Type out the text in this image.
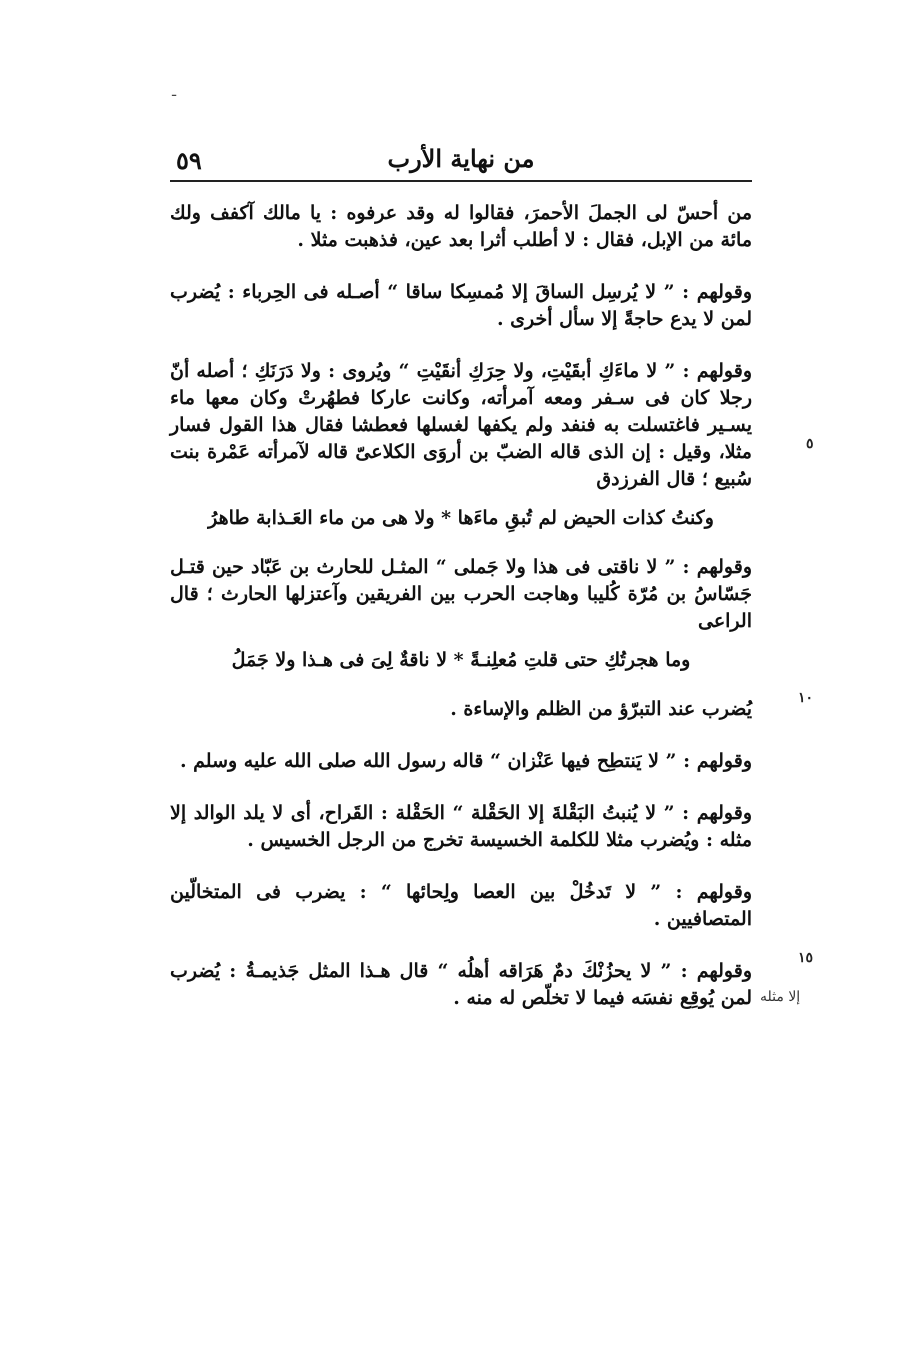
٥٩	من نهاية الأرب
ـ
٥
١٠
١٥
إلا مثله

من أحسّ لى الجملَ الأحمرَ، فقالوا له وقد عرفوه : يا مالك آكفف ولك مائة من الإبل، فقال : لا أطلب أثرا بعد عين، فذهبت مثلا .

وقولهم : ” لا يُرسِل الساقَ إلا مُمسِكا ساقا “ أصـله فى الحِرباء : يُضرب لمن لا يدع حاجةً إلا سأل أخرى .

وقولهم : ” لا ماءَكِ أبقَيْتِ، ولا حِرَكِ أنقَيْتِ “ ويُروى : ولا دَرَنَكِ ؛ أصله أنّ رجلا كان فى سـفر ومعه آمرأته، وكانت عاركا فطهُرتْ وكان معها ماء يسـير فاغتسلت به فنفد ولم يكفها لغسلها فعطشا فقال هذا القول فسار مثلا، وقيل : إن الذى قاله الضبّ بن أروَى الكلاعىّ قاله لآمرأته عَمْرة بنت سُبيع ؛ قال الفرزدق

وكنتُ كذات الحيض لم تُبقِ ماءَها * ولا هى من ماء العَـذابة طاهرُ

وقولهم : ” لا ناقتى فى هذا ولا جَملى “ المثـل للحارث بن عَبّاد حين قتـل جَسّاسُ بن مُرّة كُليبا وهاجت الحرب بين الفريقين وآعتزلها الحارث ؛ قال الراعى

وما هجرتُكِ حتى قلتِ مُعلِنـةً * لا ناقةٌ لِىَ فى هـذا ولا جَمَلُ

يُضرب عند التبرّؤ من الظلم والإساءة .

وقولهم : ” لا يَنتطِح فيها عَنْزان “ قاله رسول الله صلى الله عليه وسلم .

وقولهم : ” لا يُنبتُ البَقْلةَ إلا الحَقْلة “ الحَقْلة : القَراح، أى لا يلد الوالد إلا مثله : ويُضرب مثلا للكلمة الخسيسة تخرج من الرجل الخسيس .

وقولهم : ” لا تَدخُلْ بين العصا ولِحائها “ : يضرب فى المتخالّين المتصافيين .

وقولهم : ” لا يحزُنْكَ دمٌ هَرَاقه أهلُه “ قال هـذا المثل جَذيمـةُ : يُضرب لمن يُوقِع نفسَه فيما لا تخلّص له منه .
